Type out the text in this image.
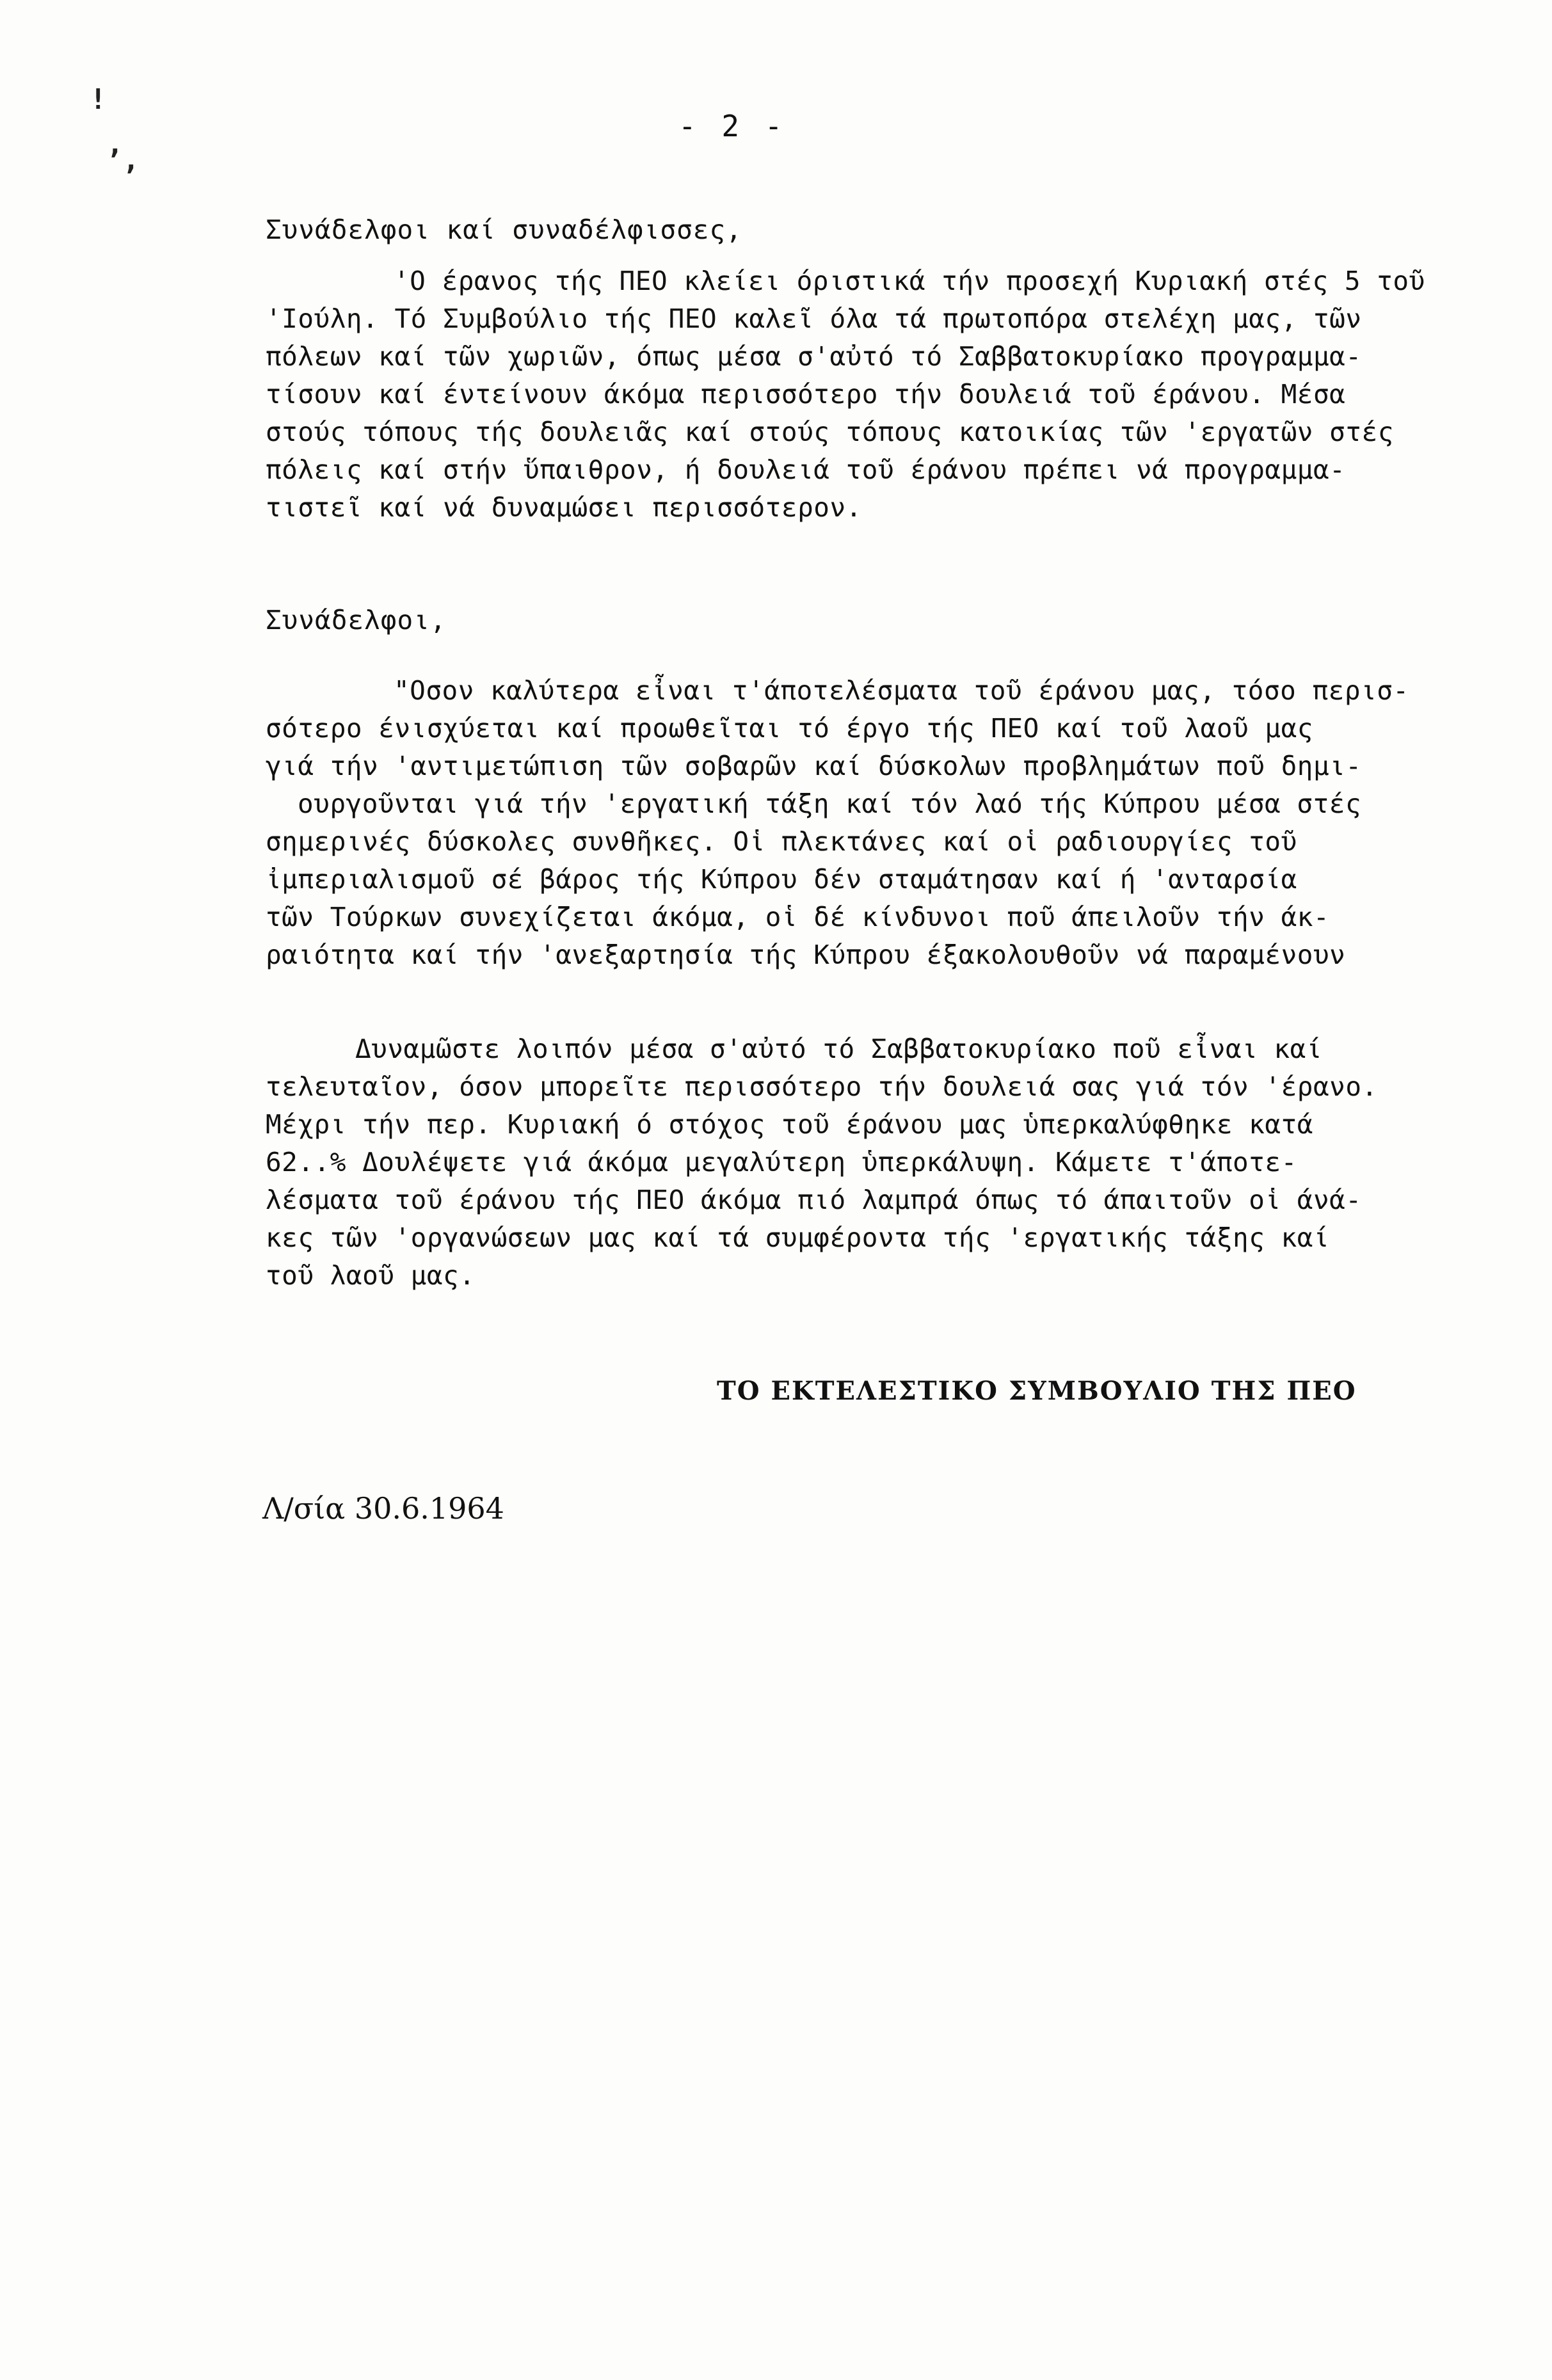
!
’,
- 2 -
Συνάδελφοι καί συναδέλφισσες,

'Ο έρανος τής ΠΕΟ κλείει όριστικά τήν προσεχή Κυριακή στές 5 τοῦ
'Ιούλη. Τό Συμβούλιο τής ΠΕΟ καλεῖ όλα τά πρωτοπόρα στελέχη μας, τῶν
πόλεων καί τῶν χωριῶν, όπως μέσα σ'αὐτό τό Σαββατοκυρίακο προγραμμα-
τίσουν καί έντείνουν άκόμα περισσότερο τήν δουλειά τοῦ έράνου. Μέσα
στούς τόπους τής δουλειᾶς καί στούς τόπους κατοικίας τῶν 'εργατῶν στές
πόλεις καί στήν ὕπαιθρον, ή δουλειά τοῦ έράνου πρέπει νά προγραμμα-
τιστεῖ καί νά δυναμώσει περισσότερον.

Συνάδελφοι,

"Οσον καλύτερα εἶναι τ'άποτελέσματα τοῦ έράνου μας, τόσο περισ-
σότερο ένισχύεται καί προωθεῖται τό έργο τής ΠΕΟ καί τοῦ λαοῦ μας
γιά τήν 'αντιμετώπιση τῶν σοβαρῶν καί δύσκολων προβλημάτων ποῦ δημι-
ουργοῦνται γιά τήν 'εργατική τάξη καί τόν λαό τής Κύπρου μέσα στές
σημερινές δύσκολες συνθῆκες. Οἱ πλεκτάνες καί οἱ ραδιουργίες τοῦ
ἰμπεριαλισμοῦ σέ βάρος τής Κύπρου δέν σταμάτησαν καί ή 'ανταρσία
τῶν Τούρκων συνεχίζεται άκόμα, οἱ δέ κίνδυνοι ποῦ άπειλοῦν τήν άκ-
ραιότητα καί τήν 'ανεξαρτησία τής Κύπρου έξακολουθοῦν νά παραμένουν

Δυναμῶστε λοιπόν μέσα σ'αὐτό τό Σαββατοκυρίακο ποῦ εἶναι καί
τελευταῖον, όσον μπορεῖτε περισσότερο τήν δουλειά σας γιά τόν 'έρανο.
Μέχρι τήν περ. Κυριακή ό στόχος τοῦ έράνου μας ὑπερκαλύφθηκε κατά
62..% Δουλέψετε γιά άκόμα μεγαλύτερη ὑπερκάλυψη. Κάμετε τ'άποτε-
λέσματα τοῦ έράνου τής ΠΕΟ άκόμα πιό λαμπρά όπως τό άπαιτοῦν οἱ άνά-
κες τῶν 'οργανώσεων μας καί τά συμφέροντα τής 'εργατικής τάξης καί
τοῦ λαοῦ μας.

ΤΟ ΕΚΤΕΛΕΣΤΙΚΟ ΣΥΜΒΟΥΛΙΟ ΤΗΣ ΠΕΟ
Λ/σία 30.6.1964
